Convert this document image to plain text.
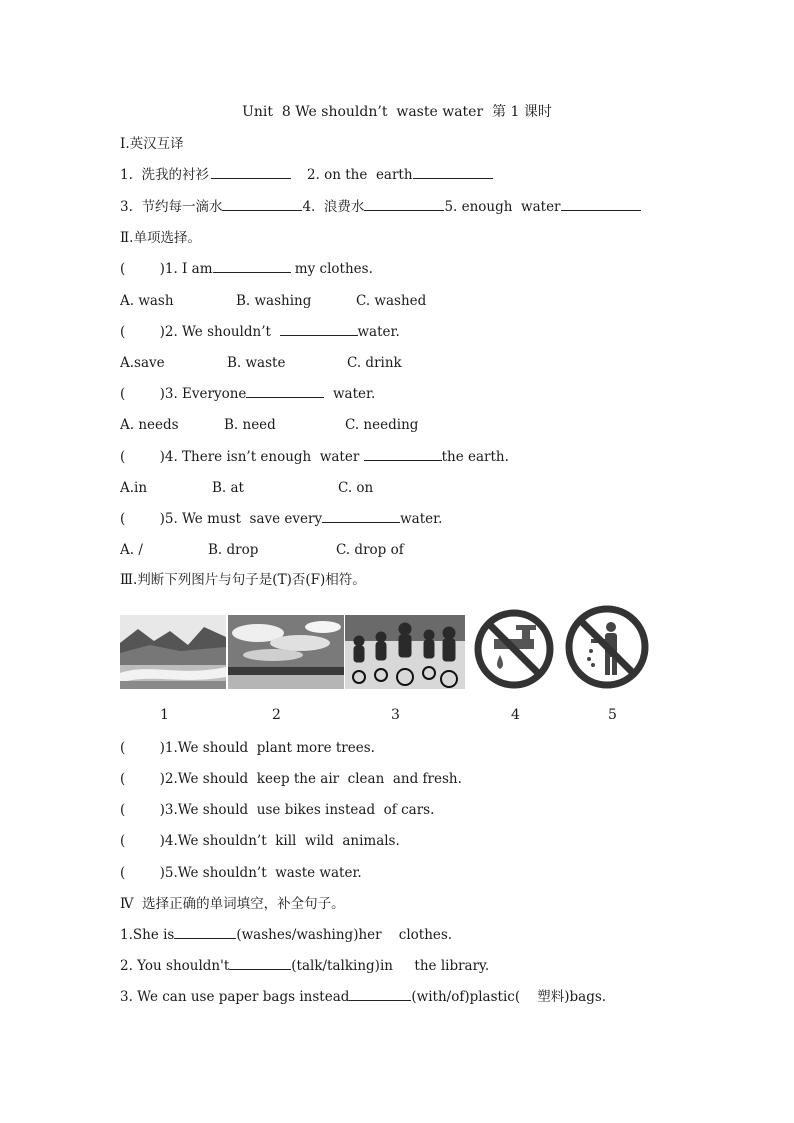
Unit  8 We shouldn’t  waste water  第 1 课时
Ⅰ.英汉互译
1.  洗我的衬衫	2. on the  earth
3.  节约每一滴水	4.  浪费水	5. enough  water
Ⅱ.单项选择。
(        )1. I am	my clothes.
A. wash	B. washing	C. washed
(        )2. We shouldn’t	water.
A.save	B. waste	C. drink
(        )3. Everyone	water.
A. needs	B. need	C. needing
(        )4. There isn’t enough  water	the earth.
A.in	B. at	C. on
(        )5. We must  save every	water.
A. /	B. drop	C. drop of
Ⅲ.判断下列图片与句子是(T)否(F)相符。
1	2	3	4	5
(        )1.We should  plant more trees.
(        )2.We should  keep the air  clean  and fresh.
(        )3.We should  use bikes instead  of cars.
(        )4.We shouldn’t  kill  wild  animals.
(        )5.We shouldn’t  waste water.
Ⅳ  选择正确的单词填空，补全句子。
1.She is	(washes/washing)her    clothes.
2. You shouldn't	(talk/talking)in     the library.
3. We can use paper bags instead	(with/of)plastic(    塑料)bags.
